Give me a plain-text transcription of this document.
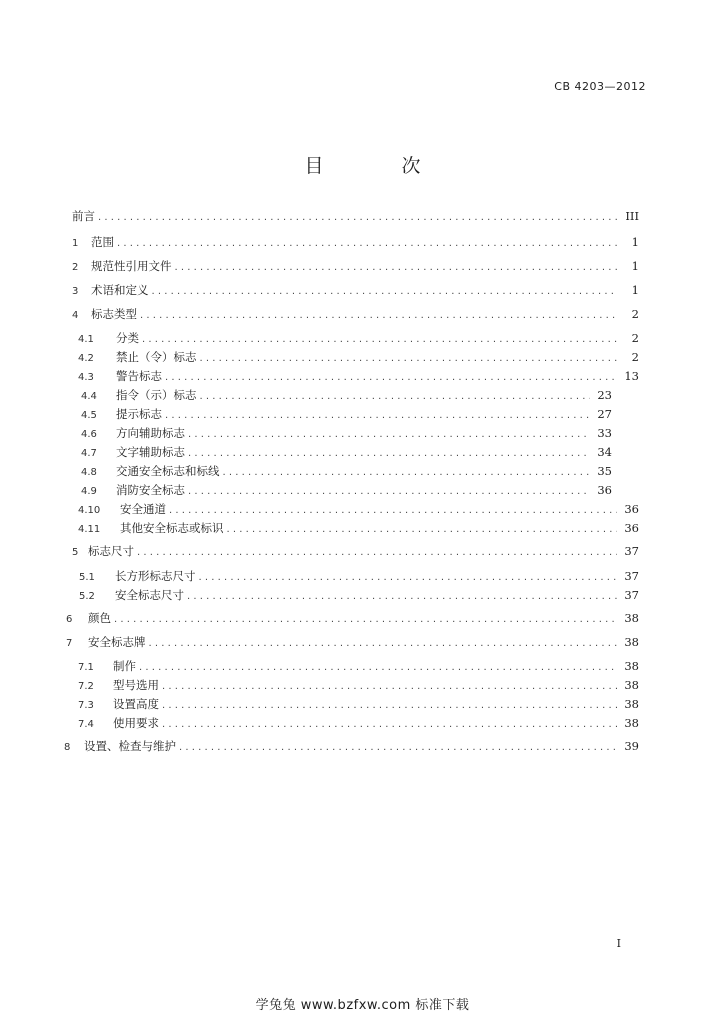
CB 4203—2012
目 次
前言 .....	III
1	范围 .....	1
2	规范性引用文件 .....	1
3	术语和定义 .....	1
4	标志类型 .....	2
4.1	分类 .....	2
4.2	禁止（令）标志 .....	2
4.3	警告标志 .....	13
4.4	指令（示）标志 .....	23
4.5	提示标志 .....	27
4.6	方向辅助标志 .....	33
4.7	文字辅助标志 .....	34
4.8	交通安全标志和标线 .....	35
4.9	消防安全标志 .....	36
4.10	安全通道 .....	36
4.11	其他安全标志或标识 .....	36
5 标志尺寸 .....	37
5.1	长方形标志尺寸 .....	37
5.2	安全标志尺寸 .....	37
6	颜色 .....	38
7	安全标志牌 .....	38
7.1	制作 .....	38
7.2	型号选用 .....	38
7.3	设置高度 .....	38
7.4	使用要求 .....	38
8	设置、检查与维护 .....	39
I
学兔兔 www.bzfxw.com 标准下载
